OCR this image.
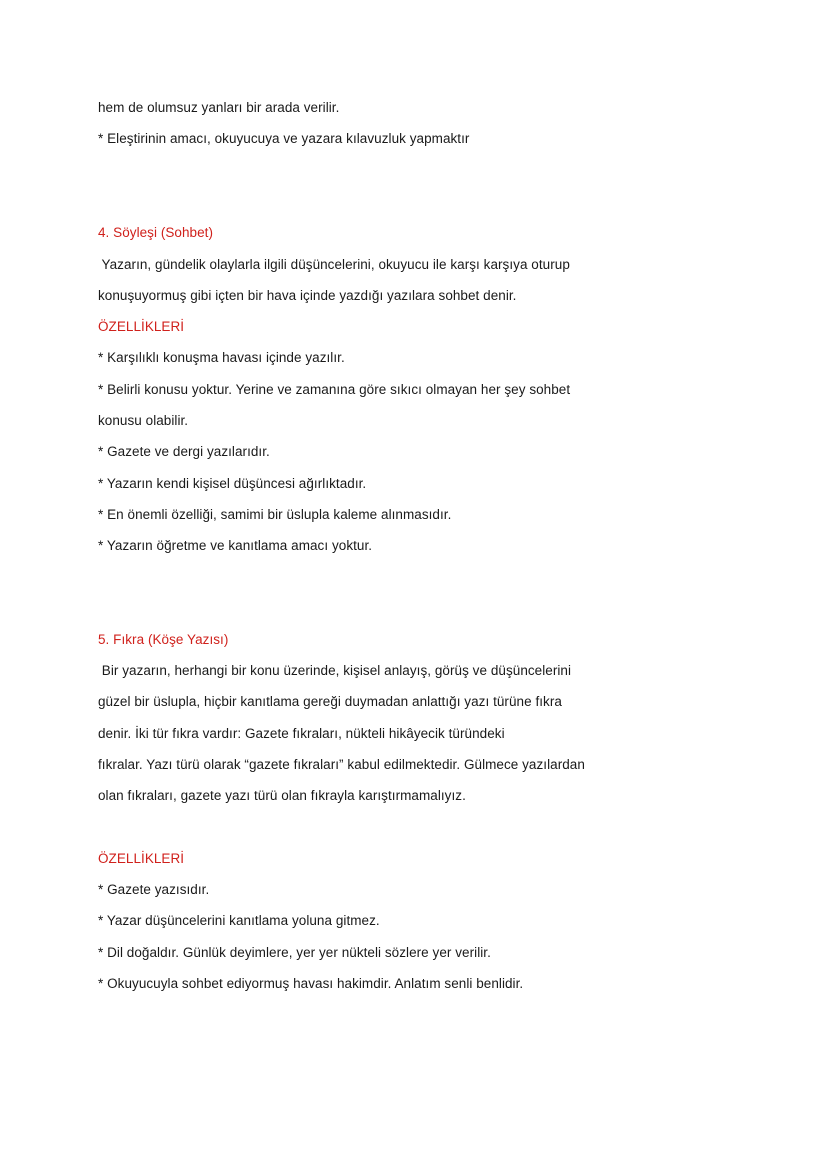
hem de olumsuz yanları bir arada verilir.
* Eleştirinin amacı, okuyucuya ve yazara kılavuzluk yapmaktır
4. Söyleşi (Sohbet)
Yazarın, gündelik olaylarla ilgili düşüncelerini, okuyucu ile karşı karşıya oturup
konuşuyormuş gibi içten bir hava içinde yazdığı yazılara sohbet denir.
ÖZELLİKLERİ
* Karşılıklı konuşma havası içinde yazılır.
* Belirli konusu yoktur. Yerine ve zamanına göre sıkıcı olmayan her şey sohbet
konusu olabilir.
* Gazete ve dergi yazılarıdır.
* Yazarın kendi kişisel düşüncesi ağırlıktadır.
* En önemli özelliği, samimi bir üslupla kaleme alınmasıdır.
* Yazarın öğretme ve kanıtlama amacı yoktur.
5. Fıkra (Köşe Yazısı)
Bir yazarın, herhangi bir konu üzerinde, kişisel anlayış, görüş ve düşüncelerini
güzel bir üslupla, hiçbir kanıtlama gereği duymadan anlattığı yazı türüne fıkra
denir. İki tür fıkra vardır: Gazete fıkraları, nükteli hikâyecik türündeki
fıkralar. Yazı türü olarak “gazete fıkraları” kabul edilmektedir. Gülmece yazılardan
olan fıkraları, gazete yazı türü olan fıkrayla karıştırmamalıyız.
ÖZELLİKLERİ
* Gazete yazısıdır.
* Yazar düşüncelerini kanıtlama yoluna gitmez.
* Dil doğaldır. Günlük deyimlere, yer yer nükteli sözlere yer verilir.
* Okuyucuyla sohbet ediyormuş havası hakimdir. Anlatım senli benlidir.
